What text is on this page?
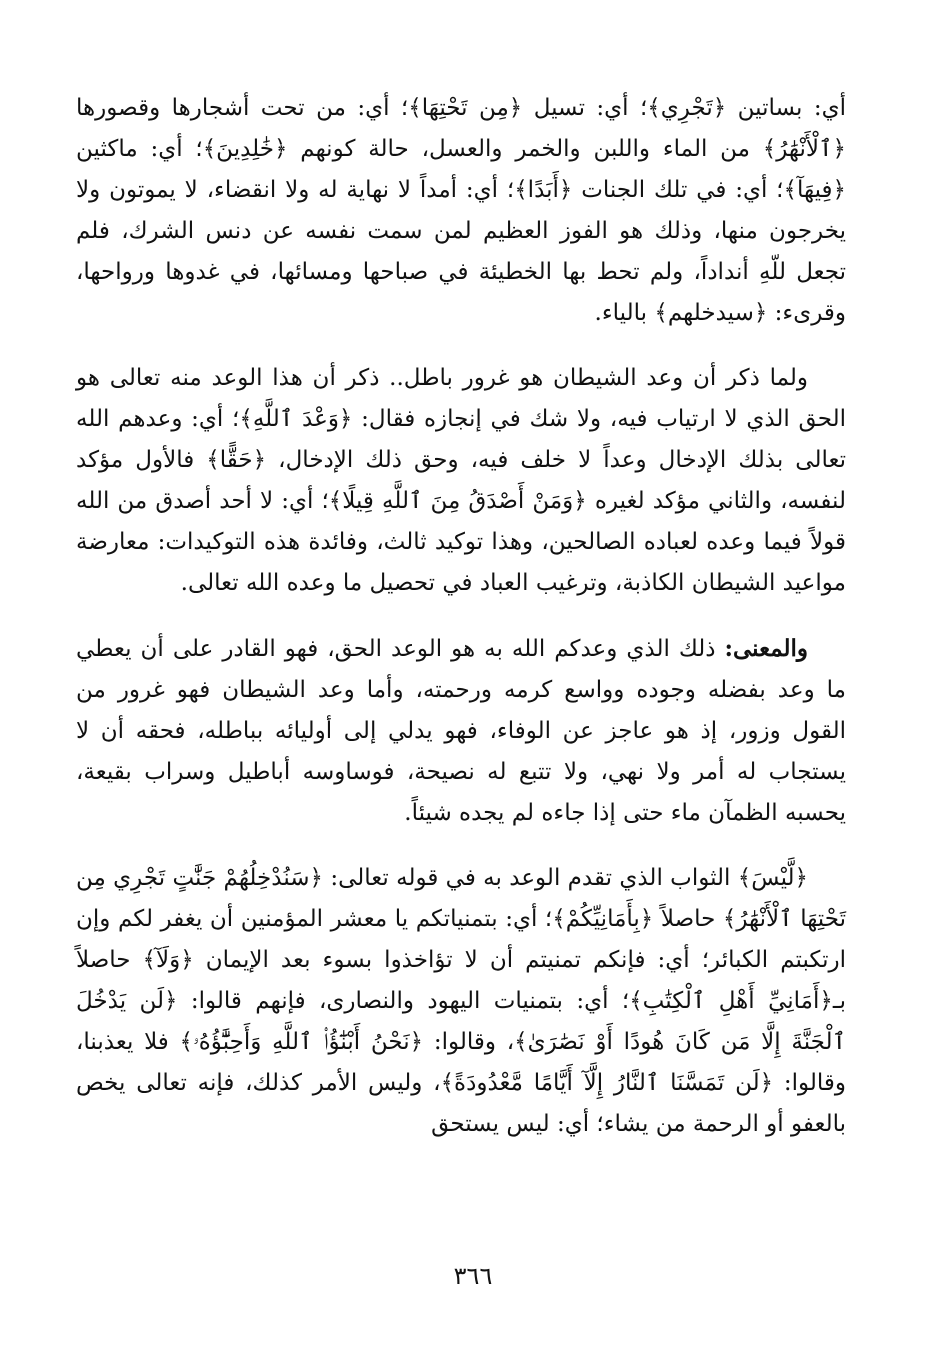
أي: بساتين ﴿تَجْرِي﴾؛ أي: تسيل ﴿مِن تَحْتِهَا﴾؛ أي: من تحت أشجارها وقصورها ﴿ٱلْأَنْهَٰرُ﴾ من الماء واللبن والخمر والعسل، حالة كونهم ﴿خَٰلِدِينَ﴾؛ أي: ماكثين ﴿فِيهَآ﴾؛ أي: في تلك الجنات ﴿أَبَدًا﴾؛ أي: أمداً لا نهاية له ولا انقضاء، لا يموتون ولا يخرجون منها، وذلك هو الفوز العظيم لمن سمت نفسه عن دنس الشرك، فلم تجعل للّهِ أنداداً، ولم تحط بها الخطيئة في صباحها ومسائها، في غدوها ورواحها، وقرىء: ﴿سيدخلهم﴾ بالياء.

ولما ذكر أن وعد الشيطان هو غرور باطل.. ذكر أن هذا الوعد منه تعالى هو الحق الذي لا ارتياب فيه، ولا شك في إنجازه فقال: ﴿وَعْدَ ٱللَّهِ﴾؛ أي: وعدهم الله تعالى بذلك الإدخال وعداً لا خلف فيه، وحق ذلك الإدخال، ﴿حَقًّا﴾ فالأول مؤكد لنفسه، والثاني مؤكد لغيره ﴿وَمَنْ أَصْدَقُ مِنَ ٱللَّهِ قِيلًا﴾؛ أي: لا أحد أصدق من الله قولاً فيما وعده لعباده الصالحين، وهذا توكيد ثالث، وفائدة هذه التوكيدات: معارضة مواعيد الشيطان الكاذبة، وترغيب العباد في تحصيل ما وعده الله تعالى.

والمعنى: ذلك الذي وعدكم الله به هو الوعد الحق، فهو القادر على أن يعطي ما وعد بفضله وجوده وواسع كرمه ورحمته، وأما وعد الشيطان فهو غرور من القول وزور، إذ هو عاجز عن الوفاء، فهو يدلي إلى أوليائه بباطله، فحقه أن لا يستجاب له أمر ولا نهي، ولا تتبع له نصيحة، فوساوسه أباطيل وسراب بقيعة، يحسبه الظمآن ماء حتى إذا جاءه لم يجده شيئاً.

﴿لَّيْسَ﴾ الثواب الذي تقدم الوعد به في قوله تعالى: ﴿سَنُدْخِلُهُمْ جَنَّٰتٍ تَجْرِي مِن تَحْتِهَا ٱلْأَنْهَٰرُ﴾ حاصلاً ﴿بِأَمَانِيِّكُمْ﴾؛ أي: بتمنياتكم يا معشر المؤمنين أن يغفر لكم وإن ارتكبتم الكبائر؛ أي: فإنكم تمنيتم أن لا تؤاخذوا بسوء بعد الإيمان ﴿وَلَآ﴾ حاصلاً بـ﴿أَمَانِيِّ أَهْلِ ٱلْكِتَٰبِ﴾؛ أي: بتمنيات اليهود والنصارى، فإنهم قالوا: ﴿لَن يَدْخُلَ ٱلْجَنَّةَ إِلَّا مَن كَانَ هُودًا أَوْ نَصَٰرَىٰ﴾، وقالوا: ﴿نَحْنُ أَبْنَٰٓؤُا۟ ٱللَّهِ وَأَحِبَّٰٓؤُهُۥ﴾ فلا يعذبنا، وقالوا: ﴿لَن تَمَسَّنَا ٱلنَّارُ إِلَّآ أَيَّامًا مَّعْدُودَةً﴾، وليس الأمر كذلك، فإنه تعالى يخص بالعفو أو الرحمة من يشاء؛ أي: ليس يستحق

٣٦٦
